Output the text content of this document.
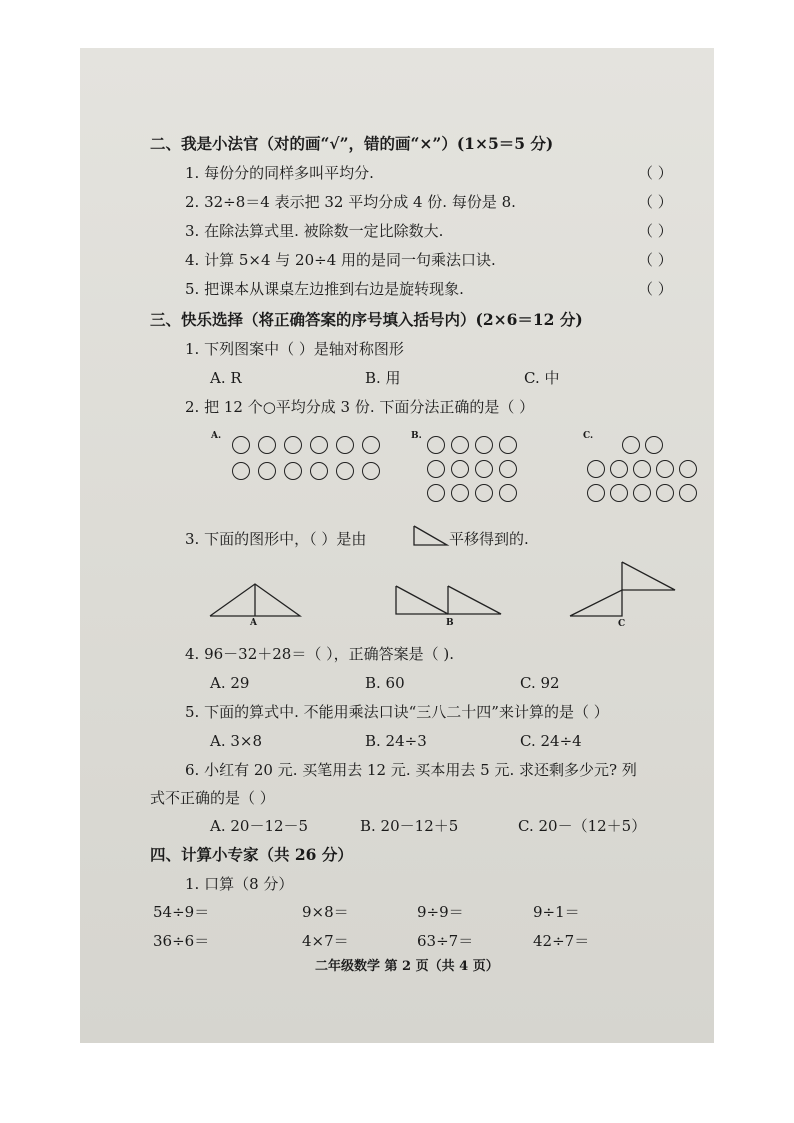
二、我是小法官（对的画“√”，错的画“×”）(1×5＝5 分)
1. 每份分的同样多叫平均分.	（ ）
2. 32÷8＝4 表示把 32 平均分成 4 份. 每份是 8.	（ ）
3. 在除法算式里. 被除数一定比除数大.	（ ）
4. 计算 5×4 与 20÷4 用的是同一句乘法口诀.	（ ）
5. 把课本从课桌左边推到右边是旋转现象.	（ ）
三、快乐选择（将正确答案的序号填入括号内）(2×6＝12 分)
1. 下列图案中（ ）是轴对称图形
A. R	B. 用	C. 中
2. 把 12 个○平均分成 3 份. 下面分法正确的是（ ）
A.	B.	C.
3. 下面的图形中，（ ）是由	平移得到的.
A	B	C
4. 96－32＋28＝（ ），正确答案是（ ).
A. 29	B. 60	C. 92
5. 下面的算式中. 不能用乘法口诀“三八二十四”来计算的是（ ）
A. 3×8	B. 24÷3	C. 24÷4
6. 小红有 20 元. 买笔用去 12 元. 买本用去 5 元. 求还剩多少元? 列
式不正确的是（ ）
A. 20－12－5	B. 20－12＋5	C. 20－（12＋5）
四、计算小专家（共 26 分）
1. 口算（8 分）
54÷9＝	9×8＝	9÷9＝	9÷1＝
36÷6＝	4×7＝	63÷7＝	42÷7＝
二年级数学 第 2 页（共 4 页）
